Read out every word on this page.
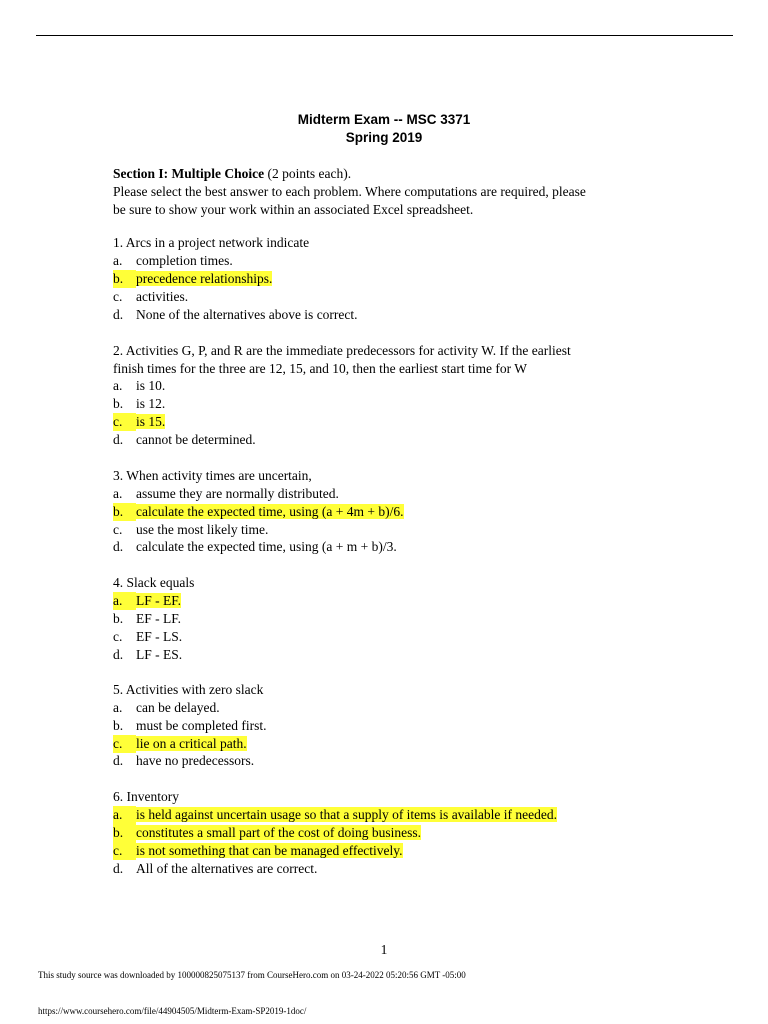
Midterm Exam -- MSC 3371
Spring 2019
Section I: Multiple Choice (2 points each).
Please select the best answer to each problem. Where computations are required, please
be sure to show your work within an associated Excel spreadsheet.
1. Arcs in a project network indicate
a. completion times.
b. precedence relationships.
c. activities.
d. None of the alternatives above is correct.
2. Activities G, P, and R are the immediate predecessors for activity W. If the earliest
finish times for the three are 12, 15, and 10, then the earliest start time for W
a. is 10.
b. is 12.
c. is 15.
d. cannot be determined.
3. When activity times are uncertain,
a. assume they are normally distributed.
b. calculate the expected time, using (a + 4m + b)/6.
c. use the most likely time.
d. calculate the expected time, using (a + m + b)/3.
4. Slack equals
a. LF - EF.
b. EF - LF.
c. EF - LS.
d. LF - ES.
5. Activities with zero slack
a. can be delayed.
b. must be completed first.
c. lie on a critical path.
d. have no predecessors.
6. Inventory
a. is held against uncertain usage so that a supply of items is available if needed.
b. constitutes a small part of the cost of doing business.
c. is not something that can be managed effectively.
d. All of the alternatives are correct.
1
This study source was downloaded by 100000825075137 from CourseHero.com on 03-24-2022 05:20:56 GMT -05:00
https://www.coursehero.com/file/44904505/Midterm-Exam-SP2019-1doc/
